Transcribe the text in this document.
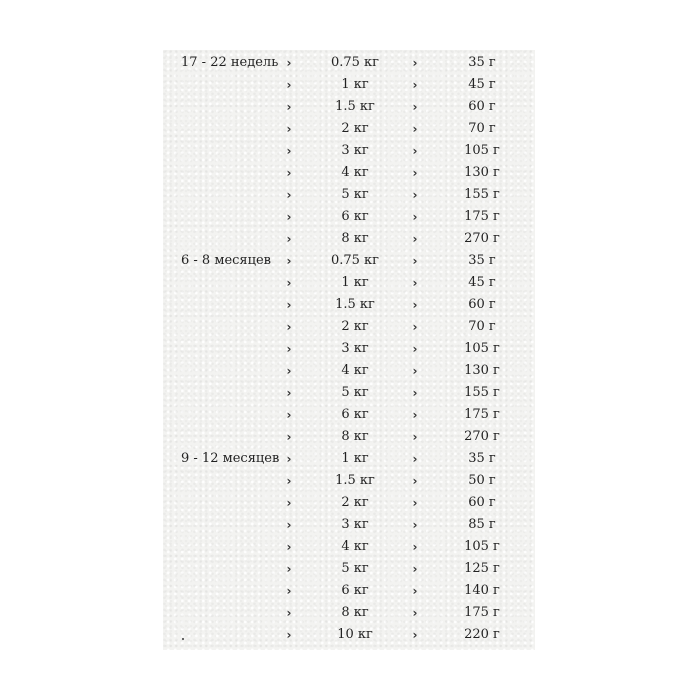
17 - 22 недель ›	0.75 кг	›	35 г
›	1 кг	›	45 г
›	1.5 кг	›	60 г
›	2 кг	›	70 г
›	3 кг	›	105 г
›	4 кг	›	130 г
›	5 кг	›	155 г
›	6 кг	›	175 г
›	8 кг	›	270 г
6 - 8 месяцев ›	0.75 кг	›	35 г
›	1 кг	›	45 г
›	1.5 кг	›	60 г
›	2 кг	›	70 г
›	3 кг	›	105 г
›	4 кг	›	130 г
›	5 кг	›	155 г
›	6 кг	›	175 г
›	8 кг	›	270 г
9 - 12 месяцев ›	1 кг	›	35 г
›	1.5 кг	›	50 г
›	2 кг	›	60 г
›	3 кг	›	85 г
›	4 кг	›	105 г
›	5 кг	›	125 г
›	6 кг	›	140 г
›	8 кг	›	175 г
›	10 кг	›	220 г
